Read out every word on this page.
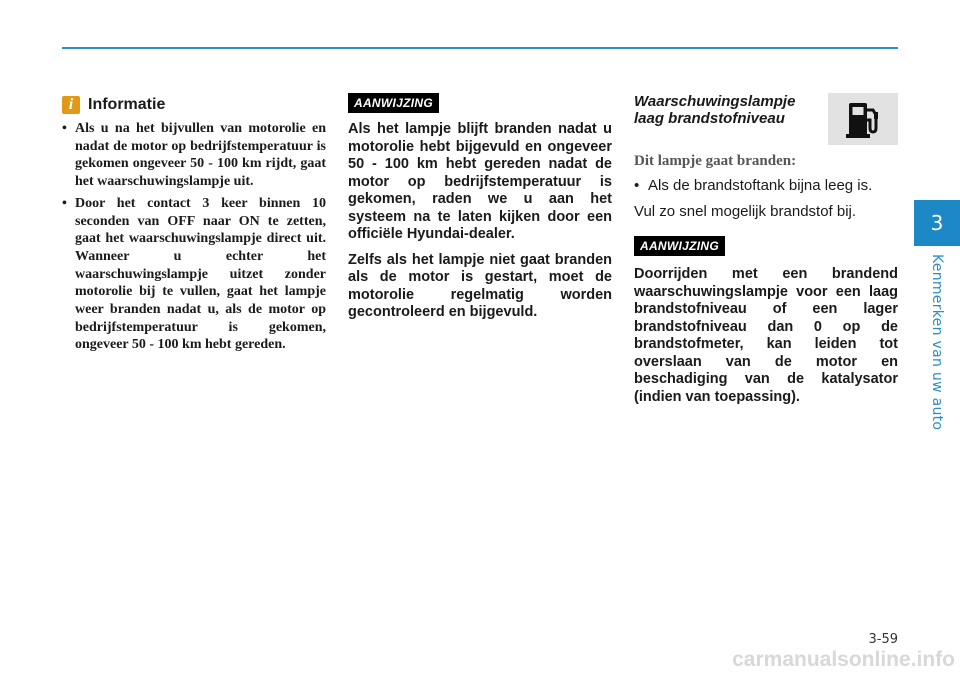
3
Kenmerken van uw auto
i Informatie
• Als u na het bijvullen van motorolie en nadat de motor op bedrijfstemperatuur is gekomen ongeveer 50 - 100 km rijdt, gaat het waarschuwingslampje uit.
• Door het contact 3 keer binnen 10 seconden van OFF naar ON te zetten, gaat het waarschuwingslampje direct uit. Wanneer u echter het waarschuwingslampje uitzet zonder motorolie bij te vullen, gaat het lampje weer branden nadat u, als de motor op bedrijfstemperatuur is gekomen, ongeveer 50 - 100 km hebt gereden.
AANWIJZING

Als het lampje blijft branden nadat u motorolie hebt bijgevuld en ongeveer 50 - 100 km hebt gereden nadat de motor op bedrijfstemperatuur is gekomen, raden we u aan het systeem na te laten kijken door een officiële Hyundai-dealer.

Zelfs als het lampje niet gaat branden als de motor is gestart, moet de motorolie regelmatig worden gecontroleerd en bijgevuld.

Waarschuwingslampje
laag brandstofniveau

Dit lampje gaat branden:

• Als de brandstoftank bijna leeg is.

Vul zo snel mogelijk brandstof bij.

AANWIJZING

Doorrijden met een brandend waarschuwingslampje voor een laag brandstofniveau of een lager brandstofniveau dan 0 op de brandstofmeter, kan leiden tot overslaan van de motor en beschadiging van de katalysator (indien van toepassing).

3-59
carmanualsonline.info
